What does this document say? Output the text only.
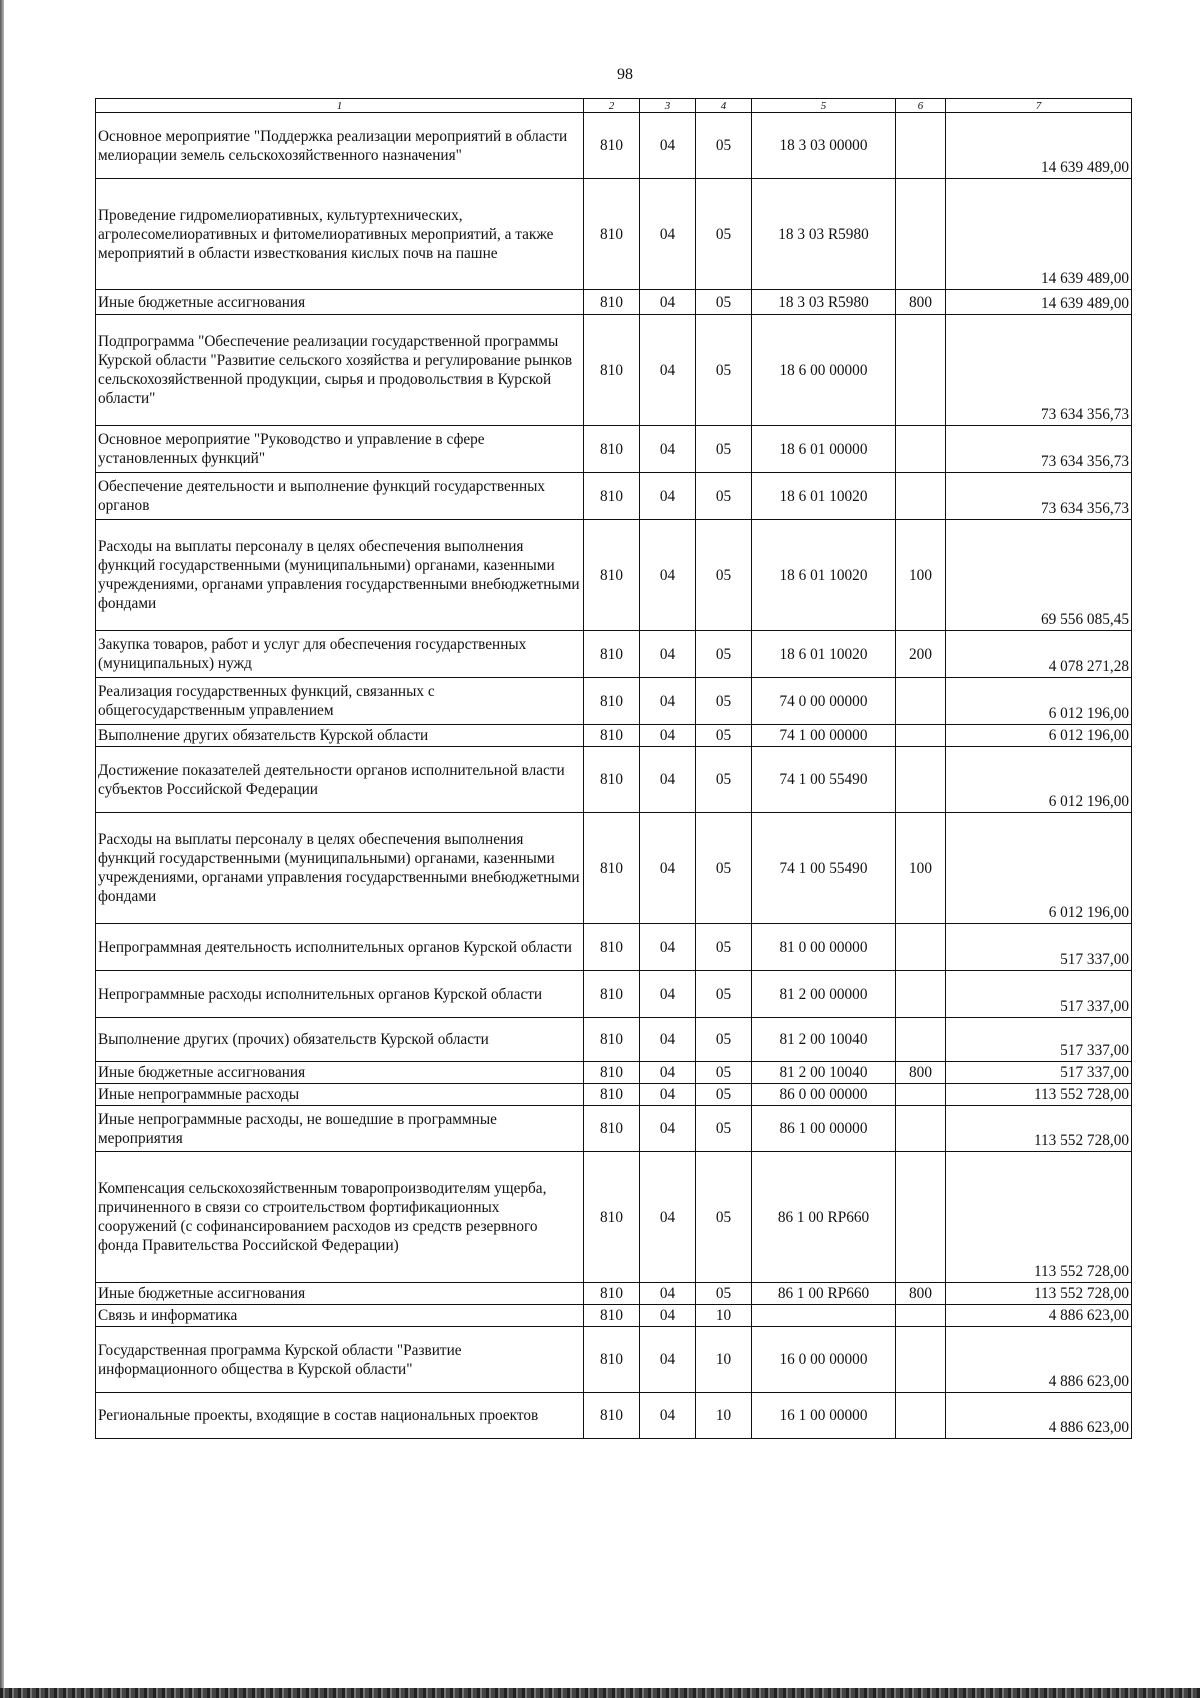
98
1	2	3	4	5	6	7
Основное мероприятие "Поддержка реализации мероприятий в области мелиорации земель сельскохозяйственного назначения"	810	04	05	18 3 03 00000		14 639 489,00
Проведение гидромелиоративных, культуртехнических, агролесомелиоративных и фитомелиоративных мероприятий, а также мероприятий в области известкования кислых почв на пашне	810	04	05	18 3 03 R5980		14 639 489,00
Иные бюджетные ассигнования	810	04	05	18 3 03 R5980	800	14 639 489,00
Подпрограмма "Обеспечение реализации государственной программы Курской области "Развитие сельского хозяйства и регулирование рынков сельскохозяйственной продукции, сырья и продовольствия в Курской области"	810	04	05	18 6 00 00000		73 634 356,73
Основное мероприятие "Руководство и управление в сфере установленных функций"	810	04	05	18 6 01 00000		73 634 356,73
Обеспечение деятельности и выполнение функций государственных органов	810	04	05	18 6 01 10020		73 634 356,73
Расходы на выплаты персоналу в целях обеспечения выполнения функций государственными (муниципальными) органами, казенными учреждениями, органами управления государственными внебюджетными фондами	810	04	05	18 6 01 10020	100	69 556 085,45
Закупка товаров, работ и услуг для обеспечения государственных (муниципальных) нужд	810	04	05	18 6 01 10020	200	4 078 271,28
Реализация государственных функций, связанных с общегосударственным управлением	810	04	05	74 0 00 00000		6 012 196,00
Выполнение других обязательств Курской области	810	04	05	74 1 00 00000		6 012 196,00
Достижение показателей деятельности органов исполнительной власти субъектов Российской Федерации	810	04	05	74 1 00 55490		6 012 196,00
Расходы на выплаты персоналу в целях обеспечения выполнения функций государственными (муниципальными) органами, казенными учреждениями, органами управления государственными внебюджетными фондами	810	04	05	74 1 00 55490	100	6 012 196,00
Непрограммная деятельность исполнительных органов Курской области	810	04	05	81 0 00 00000		517 337,00
Непрограммные расходы исполнительных органов Курской области	810	04	05	81 2 00 00000		517 337,00
Выполнение других (прочих) обязательств Курской области	810	04	05	81 2 00 10040		517 337,00
Иные бюджетные ассигнования	810	04	05	81 2 00 10040	800	517 337,00
Иные непрограммные расходы	810	04	05	86 0 00 00000		113 552 728,00
Иные непрограммные расходы, не вошедшие в программные мероприятия	810	04	05	86 1 00 00000		113 552 728,00
Компенсация сельскохозяйственным товаропроизводителям ущерба, причиненного в связи со строительством фортификационных сооружений (с софинансированием расходов из средств резервного фонда Правительства Российской Федерации)	810	04	05	86 1 00 RP660		113 552 728,00
Иные бюджетные ассигнования	810	04	05	86 1 00 RP660	800	113 552 728,00
Связь и информатика	810	04	10			4 886 623,00
Государственная программа Курской области "Развитие информационного общества в Курской области"	810	04	10	16 0 00 00000		4 886 623,00
Региональные проекты, входящие в состав национальных проектов	810	04	10	16 1 00 00000		4 886 623,00
